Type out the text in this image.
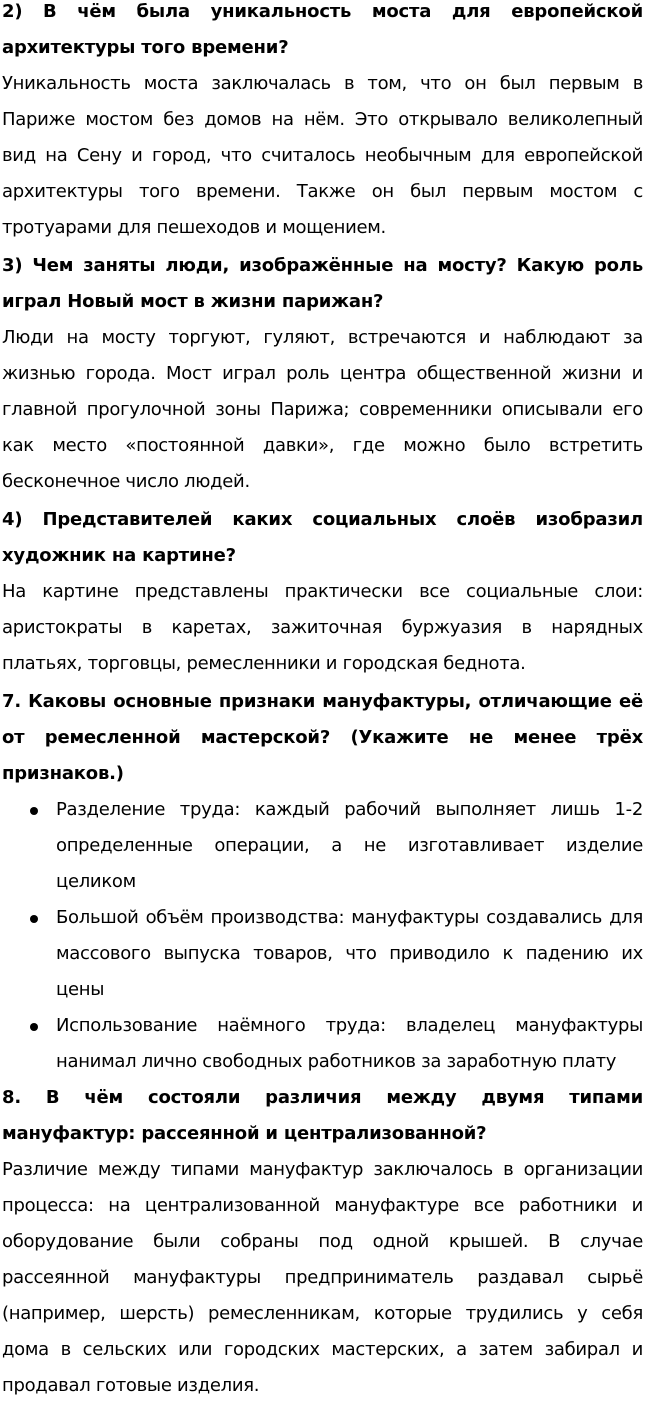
2) В чём была уникальность моста для европейской архитектуры того времени?

Уникальность моста заключалась в том, что он был первым в Париже мостом без домов на нём. Это открывало великолепный вид на Сену и город, что считалось необычным для европейской архитектуры того времени. Также он был первым мостом с тротуарами для пешеходов и мощением.

3) Чем заняты люди, изображённые на мосту? Какую роль играл Новый мост в жизни парижан?

Люди на мосту торгуют, гуляют, встречаются и наблюдают за жизнью города. Мост играл роль центра общественной жизни и главной прогулочной зоны Парижа; современники описывали его как место «постоянной давки», где можно было встретить бесконечное число людей.

4) Представителей каких социальных слоёв изобразил художник на картине?

На картине представлены практически все социальные слои: аристократы в каретах, зажиточная буржуазия в нарядных платьях, торговцы, ремесленники и городская беднота.

7. Каковы основные признаки мануфактуры, отличающие её от ремесленной мастерской? (Укажите не менее трёх признаков.)

Разделение труда: каждый рабочий выполняет лишь 1-2 определенные операции, а не изготавливает изделие целиком
Большой объём производства: мануфактуры создавались для массового выпуска товаров, что приводило к падению их цены
Использование наёмного труда: владелец мануфактуры нанимал лично свободных работников за заработную плату

8. В чём состояли различия между двумя типами мануфактур: рассеянной и централизованной?

Различие между типами мануфактур заключалось в организации процесса: на централизованной мануфактуре все работники и оборудование были собраны под одной крышей. В случае рассеянной мануфактуры предприниматель раздавал сырьё (например, шерсть) ремесленникам, которые трудились у себя дома в сельских или городских мастерских, а затем забирал и продавал готовые изделия.
